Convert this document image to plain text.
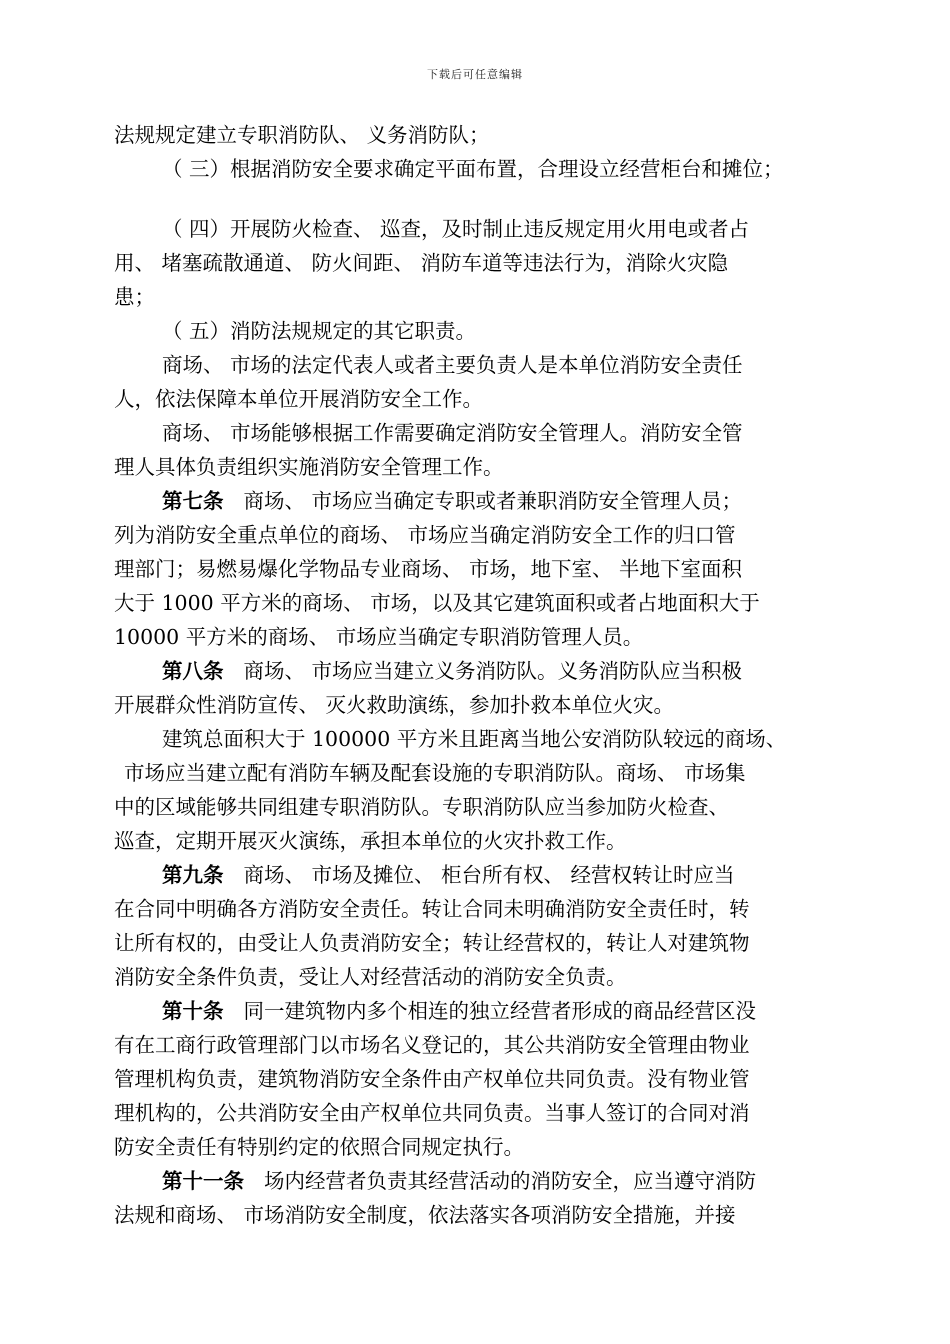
下载后可任意编辑
法规规定建立专职消防队、 义务消防队；
（ 三）根据消防安全要求确定平面布置，合理设立经营柜台和摊位；
（ 四）开展防火检查、 巡查，及时制止违反规定用火用电或者占
用、 堵塞疏散通道、 防火间距、 消防车道等违法行为，消除火灾隐
患；
（ 五）消防法规规定的其它职责。
商场、 市场的法定代表人或者主要负责人是本单位消防安全责任
人，依法保障本单位开展消防安全工作。
商场、 市场能够根据工作需要确定消防安全管理人。消防安全管
理人具体负责组织实施消防安全管理工作。
第七条 商场、 市场应当确定专职或者兼职消防安全管理人员；
列为消防安全重点单位的商场、 市场应当确定消防安全工作的归口管
理部门；易燃易爆化学物品专业商场、 市场，地下室、 半地下室面积
大于 1000 平方米的商场、 市场，以及其它建筑面积或者占地面积大于
10000 平方米的商场、 市场应当确定专职消防管理人员。
第八条 商场、 市场应当建立义务消防队。义务消防队应当积极
开展群众性消防宣传、 灭火救助演练，参加扑救本单位火灾。
建筑总面积大于 100000 平方米且距离当地公安消防队较远的商场、
市场应当建立配有消防车辆及配套设施的专职消防队。商场、 市场集
中的区域能够共同组建专职消防队。专职消防队应当参加防火检查、
巡查，定期开展灭火演练，承担本单位的火灾扑救工作。
第九条 商场、 市场及摊位、 柜台所有权、 经营权转让时应当
在合同中明确各方消防安全责任。转让合同未明确消防安全责任时，转
让所有权的，由受让人负责消防安全；转让经营权的，转让人对建筑物
消防安全条件负责，受让人对经营活动的消防安全负责。
第十条 同一建筑物内多个相连的独立经营者形成的商品经营区没
有在工商行政管理部门以市场名义登记的，其公共消防安全管理由物业
管理机构负责，建筑物消防安全条件由产权单位共同负责。没有物业管
理机构的，公共消防安全由产权单位共同负责。当事人签订的合同对消
防安全责任有特别约定的依照合同规定执行。
第十一条 场内经营者负责其经营活动的消防安全，应当遵守消防
法规和商场、 市场消防安全制度，依法落实各项消防安全措施，并接
